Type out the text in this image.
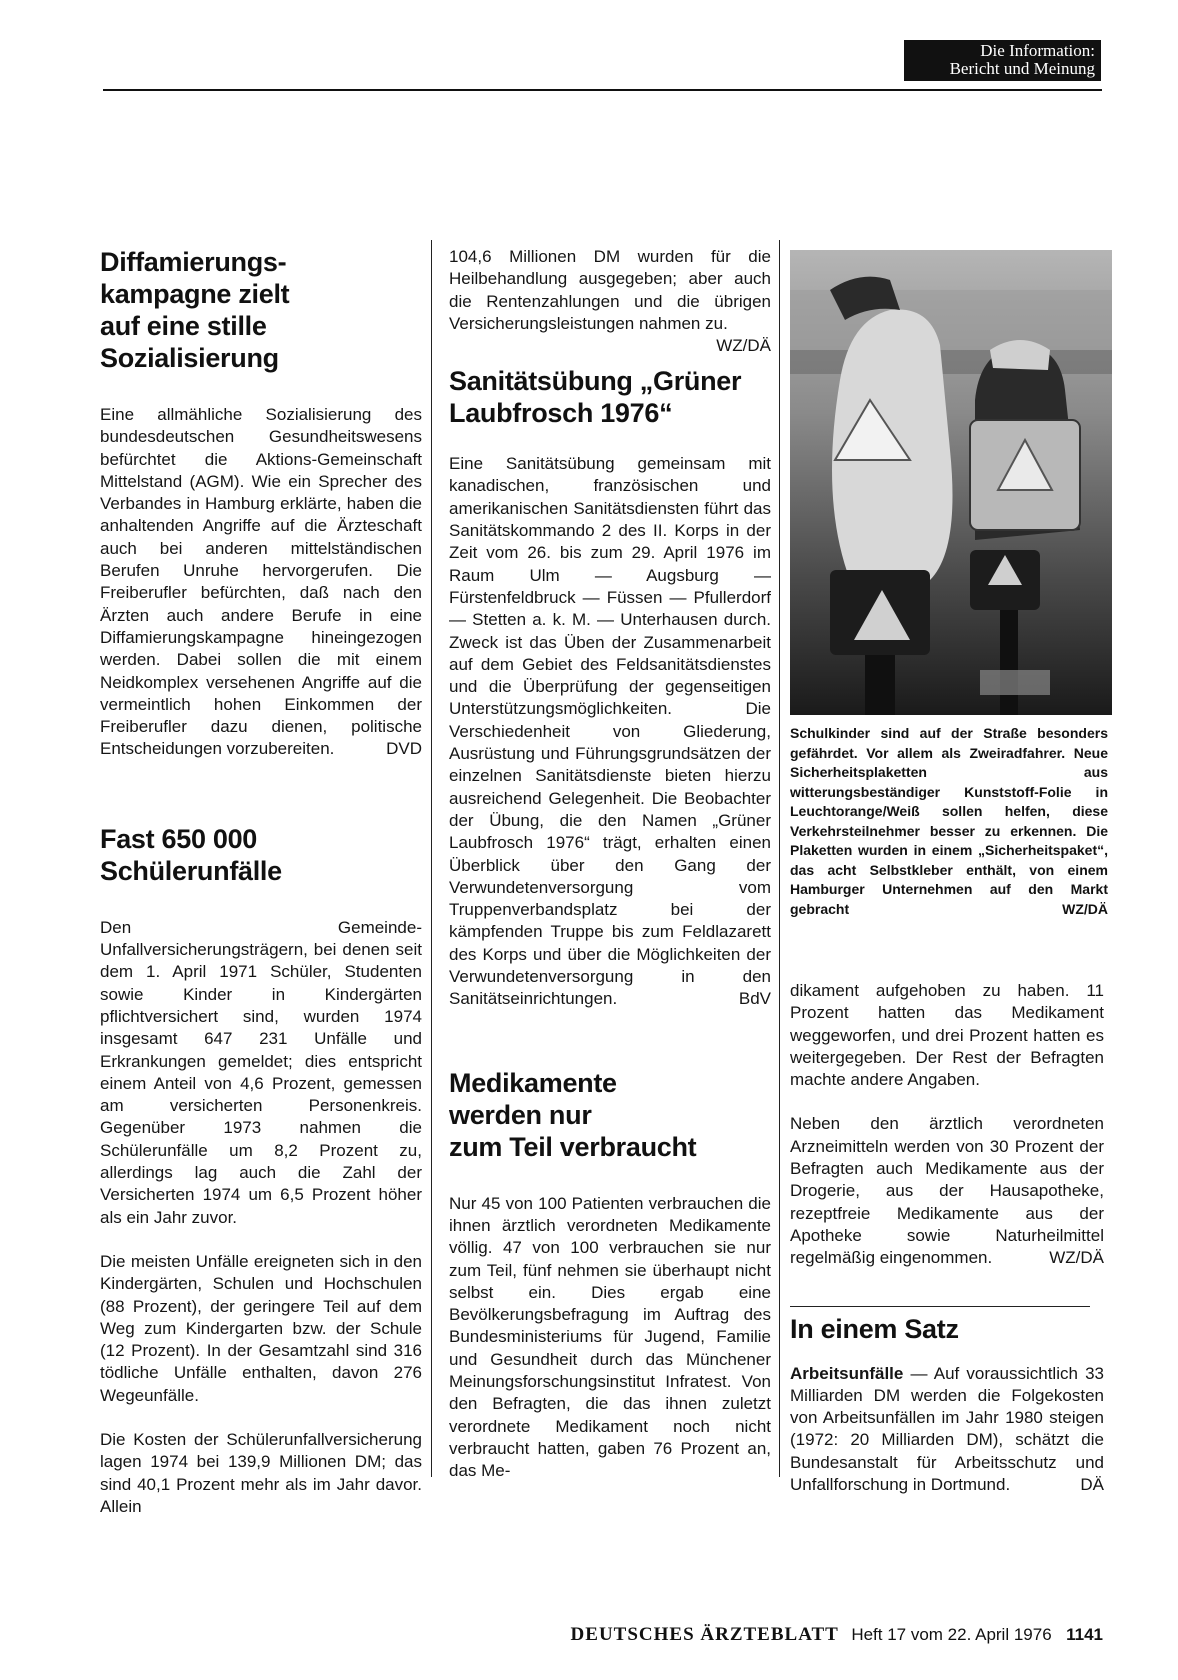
Die Information:
Bericht und Meinung
Diffamierungs-
kampagne zielt
auf eine stille
Sozialisierung

Eine allmähliche Sozialisierung des bundesdeutschen Gesundheitswesens befürchtet die Aktions-Gemeinschaft Mittelstand (AGM). Wie ein Sprecher des Verbandes in Hamburg erklärte, haben die anhaltenden Angriffe auf die Ärzteschaft auch bei anderen mittelständischen Berufen Unruhe hervorgerufen. Die Freiberufler befürchten, daß nach den Ärzten auch andere Berufe in eine Diffamierungskampagne hineingezogen werden. Dabei sollen die mit einem Neidkomplex versehenen Angriffe auf die vermeintlich hohen Einkommen der Freiberufler dazu dienen, politische Entscheidungen vorzubereiten.	DVD

Fast 650 000
Schülerunfälle

Den Gemeinde-Unfallversicherungsträgern, bei denen seit dem 1. April 1971 Schüler, Studenten sowie Kinder in Kindergärten pflichtversichert sind, wurden 1974 insgesamt 647 231 Unfälle und Erkrankungen gemeldet; dies entspricht einem Anteil von 4,6 Prozent, gemessen am versicherten Personenkreis. Gegenüber 1973 nahmen die Schülerunfälle um 8,2 Prozent zu, allerdings lag auch die Zahl der Versicherten 1974 um 6,5 Prozent höher als ein Jahr zuvor.

Die meisten Unfälle ereigneten sich in den Kindergärten, Schulen und Hochschulen (88 Prozent), der geringere Teil auf dem Weg zum Kindergarten bzw. der Schule (12 Prozent). In der Gesamtzahl sind 316 tödliche Unfälle enthalten, davon 276 Wegeunfälle.

Die Kosten der Schülerunfallversicherung lagen 1974 bei 139,9 Millionen DM; das sind 40,1 Prozent mehr als im Jahr davor. Allein

104,6 Millionen DM wurden für die Heilbehandlung ausgegeben; aber auch die Rentenzahlungen und die übrigen Versicherungsleistungen nahmen zu.
WZ/DÄ

Sanitätsübung „Grüner
Laubfrosch 1976“

Eine Sanitätsübung gemeinsam mit kanadischen, französischen und amerikanischen Sanitätsdiensten führt das Sanitätskommando 2 des II. Korps in der Zeit vom 26. bis zum 29. April 1976 im Raum Ulm — Augsburg — Fürstenfeldbruck — Füssen — Pfullerdorf — Stetten a. k. M. — Unterhausen durch. Zweck ist das Üben der Zusammenarbeit auf dem Gebiet des Feldsanitätsdienstes und die Überprüfung der gegenseitigen Unterstützungsmöglichkeiten. Die Verschiedenheit von Gliederung, Ausrüstung und Führungsgrundsätzen der einzelnen Sanitätsdienste bieten hierzu ausreichend Gelegenheit. Die Beobachter der Übung, die den Namen „Grüner Laubfrosch 1976“ trägt, erhalten einen Überblick über den Gang der Verwundetenversorgung vom Truppenverbandsplatz bei der kämpfenden Truppe bis zum Feldlazarett des Korps und über die Möglichkeiten der Verwundetenversorgung in den Sanitätseinrichtungen.	BdV

Medikamente
werden nur
zum Teil verbraucht

Nur 45 von 100 Patienten verbrauchen die ihnen ärztlich verordneten Medikamente völlig. 47 von 100 verbrauchen sie nur zum Teil, fünf nehmen sie überhaupt nicht selbst ein. Dies ergab eine Bevölkerungsbefragung im Auftrag des Bundesministeriums für Jugend, Familie und Gesundheit durch das Münchener Meinungsforschungsinstitut Infratest. Von den Befragten, die das ihnen zuletzt verordnete Medikament noch nicht verbraucht hatten, gaben 76 Prozent an, das Me-

Schulkinder sind auf der Straße besonders gefährdet. Vor allem als Zweiradfahrer. Neue Sicherheitsplaketten aus witterungsbeständiger Kunststoff-Folie in Leuchtorange/Weiß sollen helfen, diese Verkehrsteilnehmer besser zu erkennen. Die Plaketten wurden in einem „Sicherheitspaket“, das acht Selbstkleber enthält, von einem Hamburger Unternehmen auf den Markt gebracht	WZ/DÄ

dikament aufgehoben zu haben. 11 Prozent hatten das Medikament weggeworfen, und drei Prozent hatten es weitergegeben. Der Rest der Befragten machte andere Angaben.

Neben den ärztlich verordneten Arzneimitteln werden von 30 Prozent der Befragten auch Medikamente aus der Drogerie, aus der Hausapotheke, rezeptfreie Medikamente aus der Apotheke sowie Naturheilmittel regelmäßig eingenommen.	WZ/DÄ

In einem Satz

Arbeitsunfälle — Auf voraussichtlich 33 Milliarden DM werden die Folgekosten von Arbeitsunfällen im Jahr 1980 steigen (1972: 20 Milliarden DM), schätzt die Bundesanstalt für Arbeitsschutz und Unfallforschung in Dortmund.	DÄ

DEUTSCHES ÄRZTEBLATT Heft 17 vom 22. April 1976 1141
